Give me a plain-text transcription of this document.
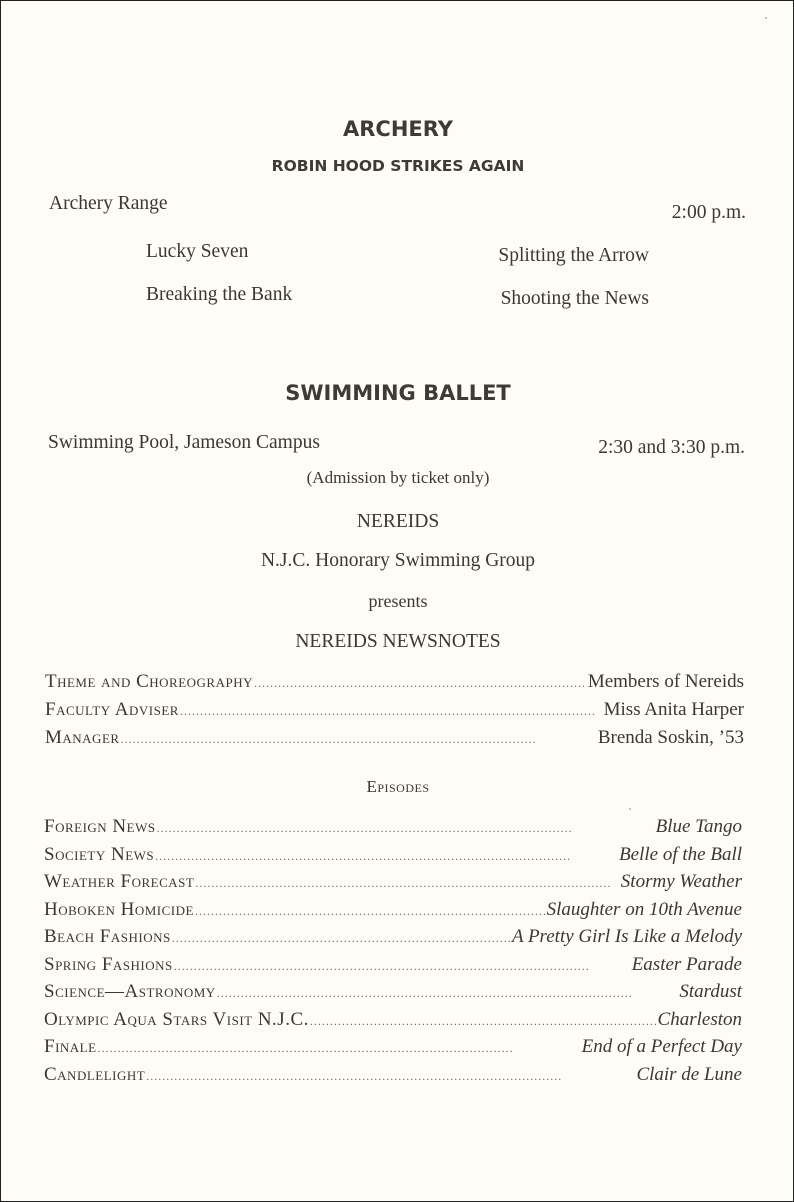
ARCHERY
ROBIN HOOD STRIKES AGAIN
Archery Range	2:00 p.m.
Lucky Seven	Splitting the Arrow
Breaking the Bank	Shooting the News
SWIMMING BALLET
Swimming Pool, Jameson Campus	2:30 and 3:30 p.m.
(Admission by ticket only)
NEREIDS
N.J.C. Honorary Swimming Group
presents
NEREIDS NEWSNOTES
Theme and Choreography . . .	Members of Nereids
Faculty Adviser . . .	Miss Anita Harper
Manager . . .	Brenda Soskin, ’53
Episodes
Foreign News . . .	Blue Tango
Society News . . .	Belle of the Ball
Weather Forecast . . .	Stormy Weather
Hoboken Homicide . . .	Slaughter on 10th Avenue
Beach Fashions . . .	A Pretty Girl Is Like a Melody
Spring Fashions . . .	Easter Parade
Science—Astronomy . . .	Stardust
Olympic Aqua Stars Visit N.J.C. . . .	Charleston
Finale . . .	End of a Perfect Day
Candlelight . . .	Clair de Lune
